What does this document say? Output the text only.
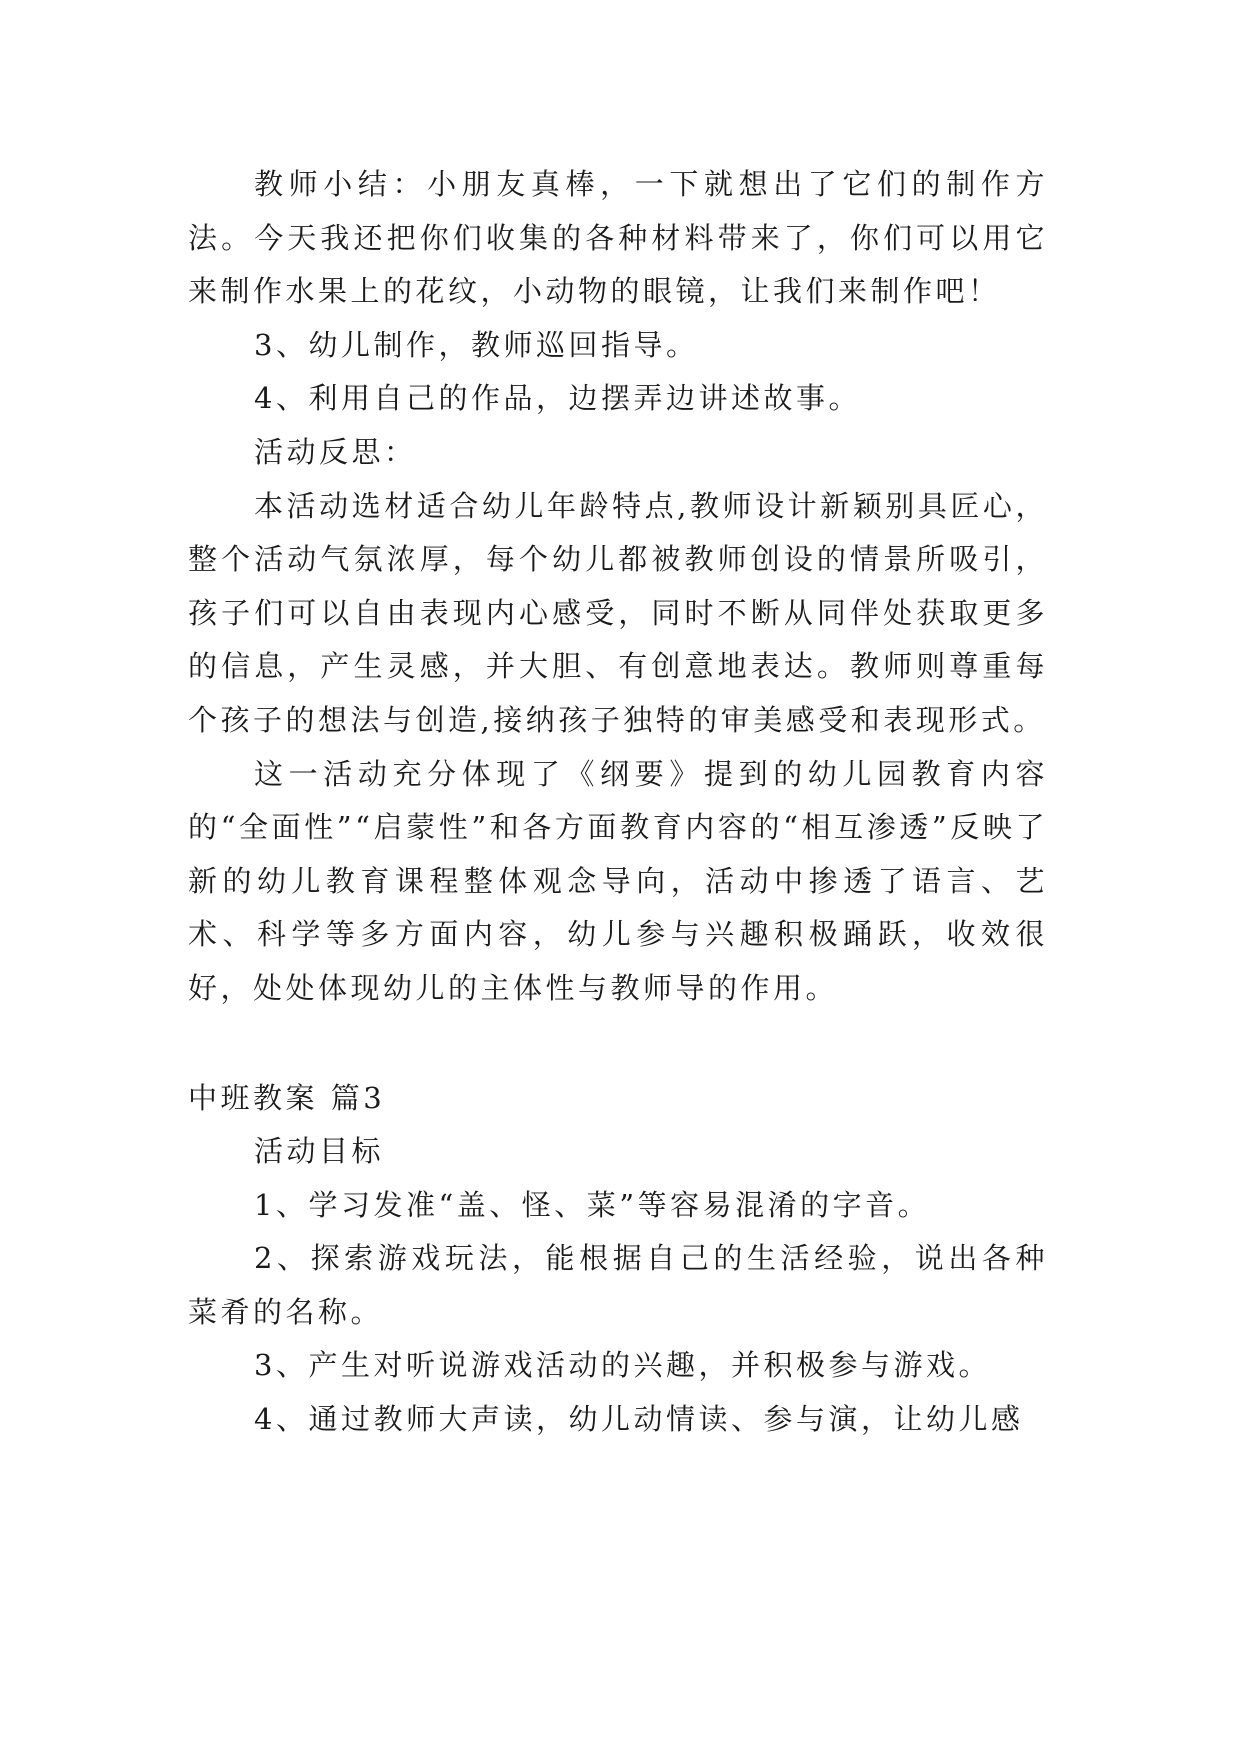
教师小结：小朋友真棒，一下就想出了它们的制作方法。今天我还把你们收集的各种材料带来了，你们可以用它来制作水果上的花纹，小动物的眼镜，让我们来制作吧！

3、幼儿制作，教师巡回指导。

4、利用自己的作品，边摆弄边讲述故事。

活动反思：

本活动选材适合幼儿年龄特点,教师设计新颖别具匠心，整个活动气氛浓厚，每个幼儿都被教师创设的情景所吸引，孩子们可以自由表现内心感受，同时不断从同伴处获取更多的信息，产生灵感，并大胆、有创意地表达。教师则尊重每个孩子的想法与创造,接纳孩子独特的审美感受和表现形式。

这一活动充分体现了《纲要》提到的幼儿园教育内容的“全面性”“启蒙性”和各方面教育内容的“相互渗透”反映了新的幼儿教育课程整体观念导向，活动中掺透了语言、艺术、科学等多方面内容，幼儿参与兴趣积极踊跃，收效很好，处处体现幼儿的主体性与教师导的作用。

中班教案 篇3

活动目标

1、学习发准“盖、怪、菜”等容易混淆的字音。

2、探索游戏玩法，能根据自己的生活经验，说出各种菜肴的名称。

3、产生对听说游戏活动的兴趣，并积极参与游戏。

4、通过教师大声读，幼儿动情读、参与演，让幼儿感
